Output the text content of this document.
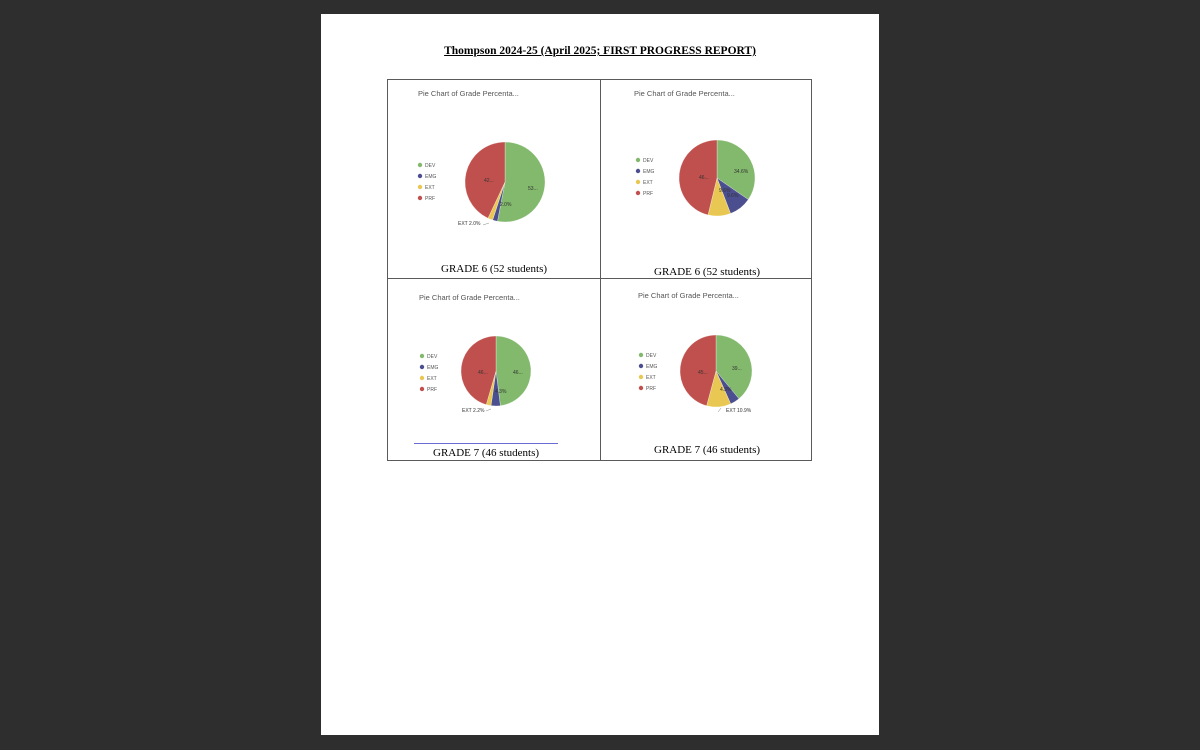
Thompson 2024-25 (April 2025; FIRST PROGRESS REPORT)
Pie Chart of Grade Percenta...
DEV
EMG
EXT
PRF
53...
2.0%
EXT 2.0%
42...
Pie Chart of Grade Percenta...
DEV
EMG
EXT
PRF
34.6%
9.6%
9.6%
46...
Pie Chart of Grade Percenta...
DEV
EMG
EXT
PRF
46...
4.3%
EXT 2.2%
46...
Pie Chart of Grade Percenta...
DEV
EMG
EXT
PRF
39...
4.3%
EXT 10.9%
45...
GRADE 6 (52 students)	GRADE 6 (52 students)
GRADE 7 (46 students)	GRADE 7 (46 students)
